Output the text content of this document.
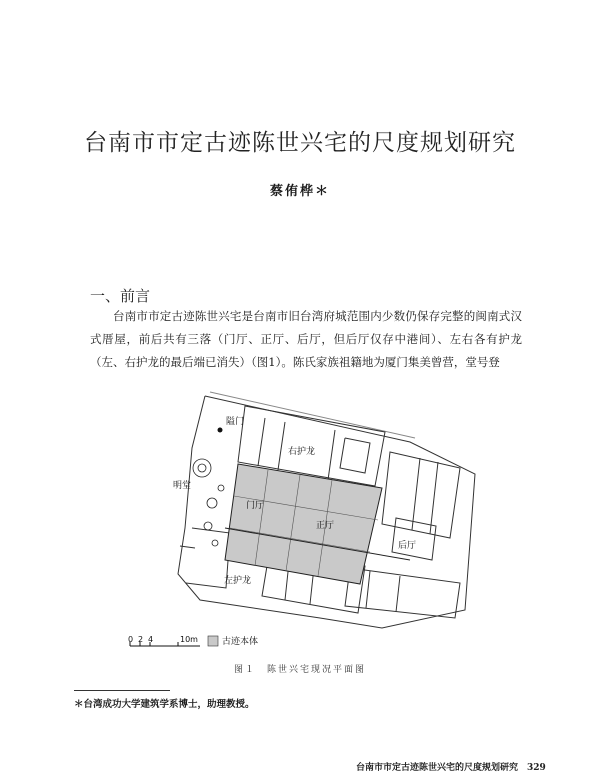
台南市市定古迹陈世兴宅的尺度规划研究
蔡侑桦＊
一、前言

台南市市定古迹陈世兴宅是台南市旧台湾府城范围内少数仍保存完整的闽南式汉式厝屋，前后共有三落（门厅、正厅、后厅，但后厅仅存中港间）、左右各有护龙（左、右护龙的最后端已消失）（图1）。陈氏家族祖籍地为厦门集美曾营，堂号登

隘门
右护龙
明堂
门厅
正厅
后厅
左护龙
0 2 4	10m	古迹本体
图１　陈世兴宅现况平面图
＊台湾成功大学建筑学系博士，助理教授。
台南市市定古迹陈世兴宅的尺度规划研究　329
